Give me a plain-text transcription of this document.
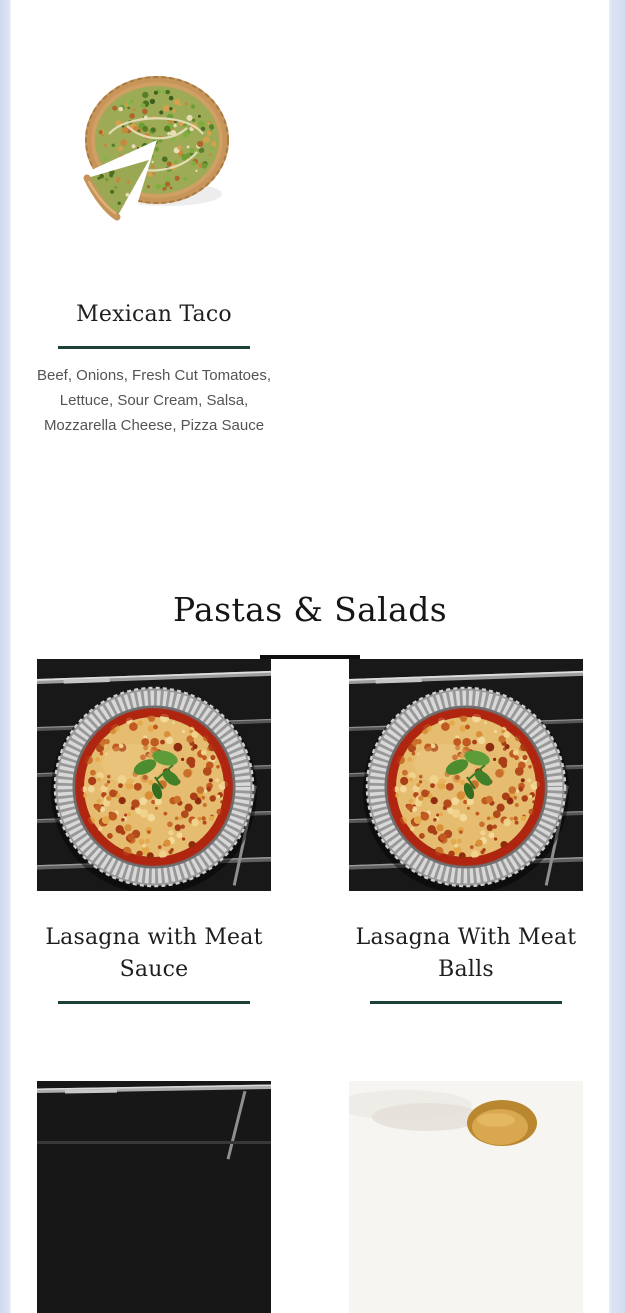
Mexican Taco

Beef, Onions, Fresh Cut Tomatoes, Lettuce, Sour Cream, Salsa, Mozzarella Cheese, Pizza Sauce

Pastas & Salads
Lasagna with Meat Sauce
Lasagna With Meat Balls
